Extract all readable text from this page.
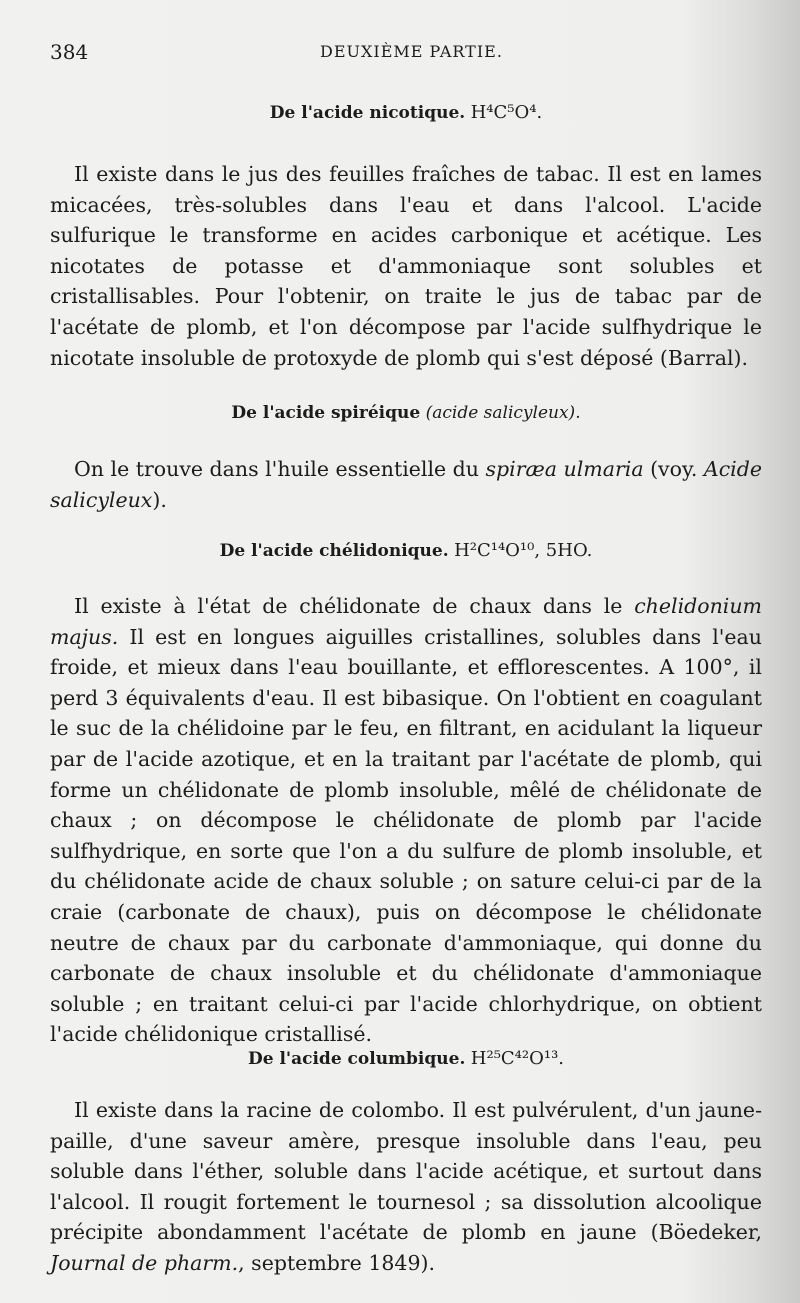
384	DEUXIÈME PARTIE.
De l'acide nicotique. H⁴C⁵O⁴.
Il existe dans le jus des feuilles fraîches de tabac. Il est en lames micacées, très-solubles dans l'eau et dans l'alcool. L'acide sulfurique le transforme en acides carbonique et acétique. Les nicotates de potasse et d'ammoniaque sont solubles et cristallisables. Pour l'obtenir, on traite le jus de tabac par de l'acétate de plomb, et l'on décompose par l'acide sulfhydrique le nicotate insoluble de protoxyde de plomb qui s'est déposé (Barral).
De l'acide spiréique (acide salicyleux).
On le trouve dans l'huile essentielle du spiræa ulmaria (voy. Acide salicyleux).
De l'acide chélidonique. H²C¹⁴O¹⁰, 5HO.
Il existe à l'état de chélidonate de chaux dans le chelidonium majus. Il est en longues aiguilles cristallines, solubles dans l'eau froide, et mieux dans l'eau bouillante, et efflorescentes. A 100°, il perd 3 équivalents d'eau. Il est bibasique. On l'obtient en coagulant le suc de la chélidoine par le feu, en filtrant, en acidulant la liqueur par de l'acide azotique, et en la traitant par l'acétate de plomb, qui forme un chélidonate de plomb insoluble, mêlé de chélidonate de chaux ; on décompose le chélidonate de plomb par l'acide sulfhydrique, en sorte que l'on a du sulfure de plomb insoluble, et du chélidonate acide de chaux soluble ; on sature celui-ci par de la craie (carbonate de chaux), puis on décompose le chélidonate neutre de chaux par du carbonate d'ammoniaque, qui donne du carbonate de chaux insoluble et du chélidonate d'ammoniaque soluble ; en traitant celui-ci par l'acide chlorhydrique, on obtient l'acide chélidonique cristallisé.
De l'acide columbique. H²⁵C⁴²O¹³.
Il existe dans la racine de colombo. Il est pulvérulent, d'un jaune-paille, d'une saveur amère, presque insoluble dans l'eau, peu soluble dans l'éther, soluble dans l'acide acétique, et surtout dans l'alcool. Il rougit fortement le tournesol ; sa dissolution alcoolique précipite abondamment l'acétate de plomb en jaune (Böedeker, Journal de pharm., septembre 1849).
